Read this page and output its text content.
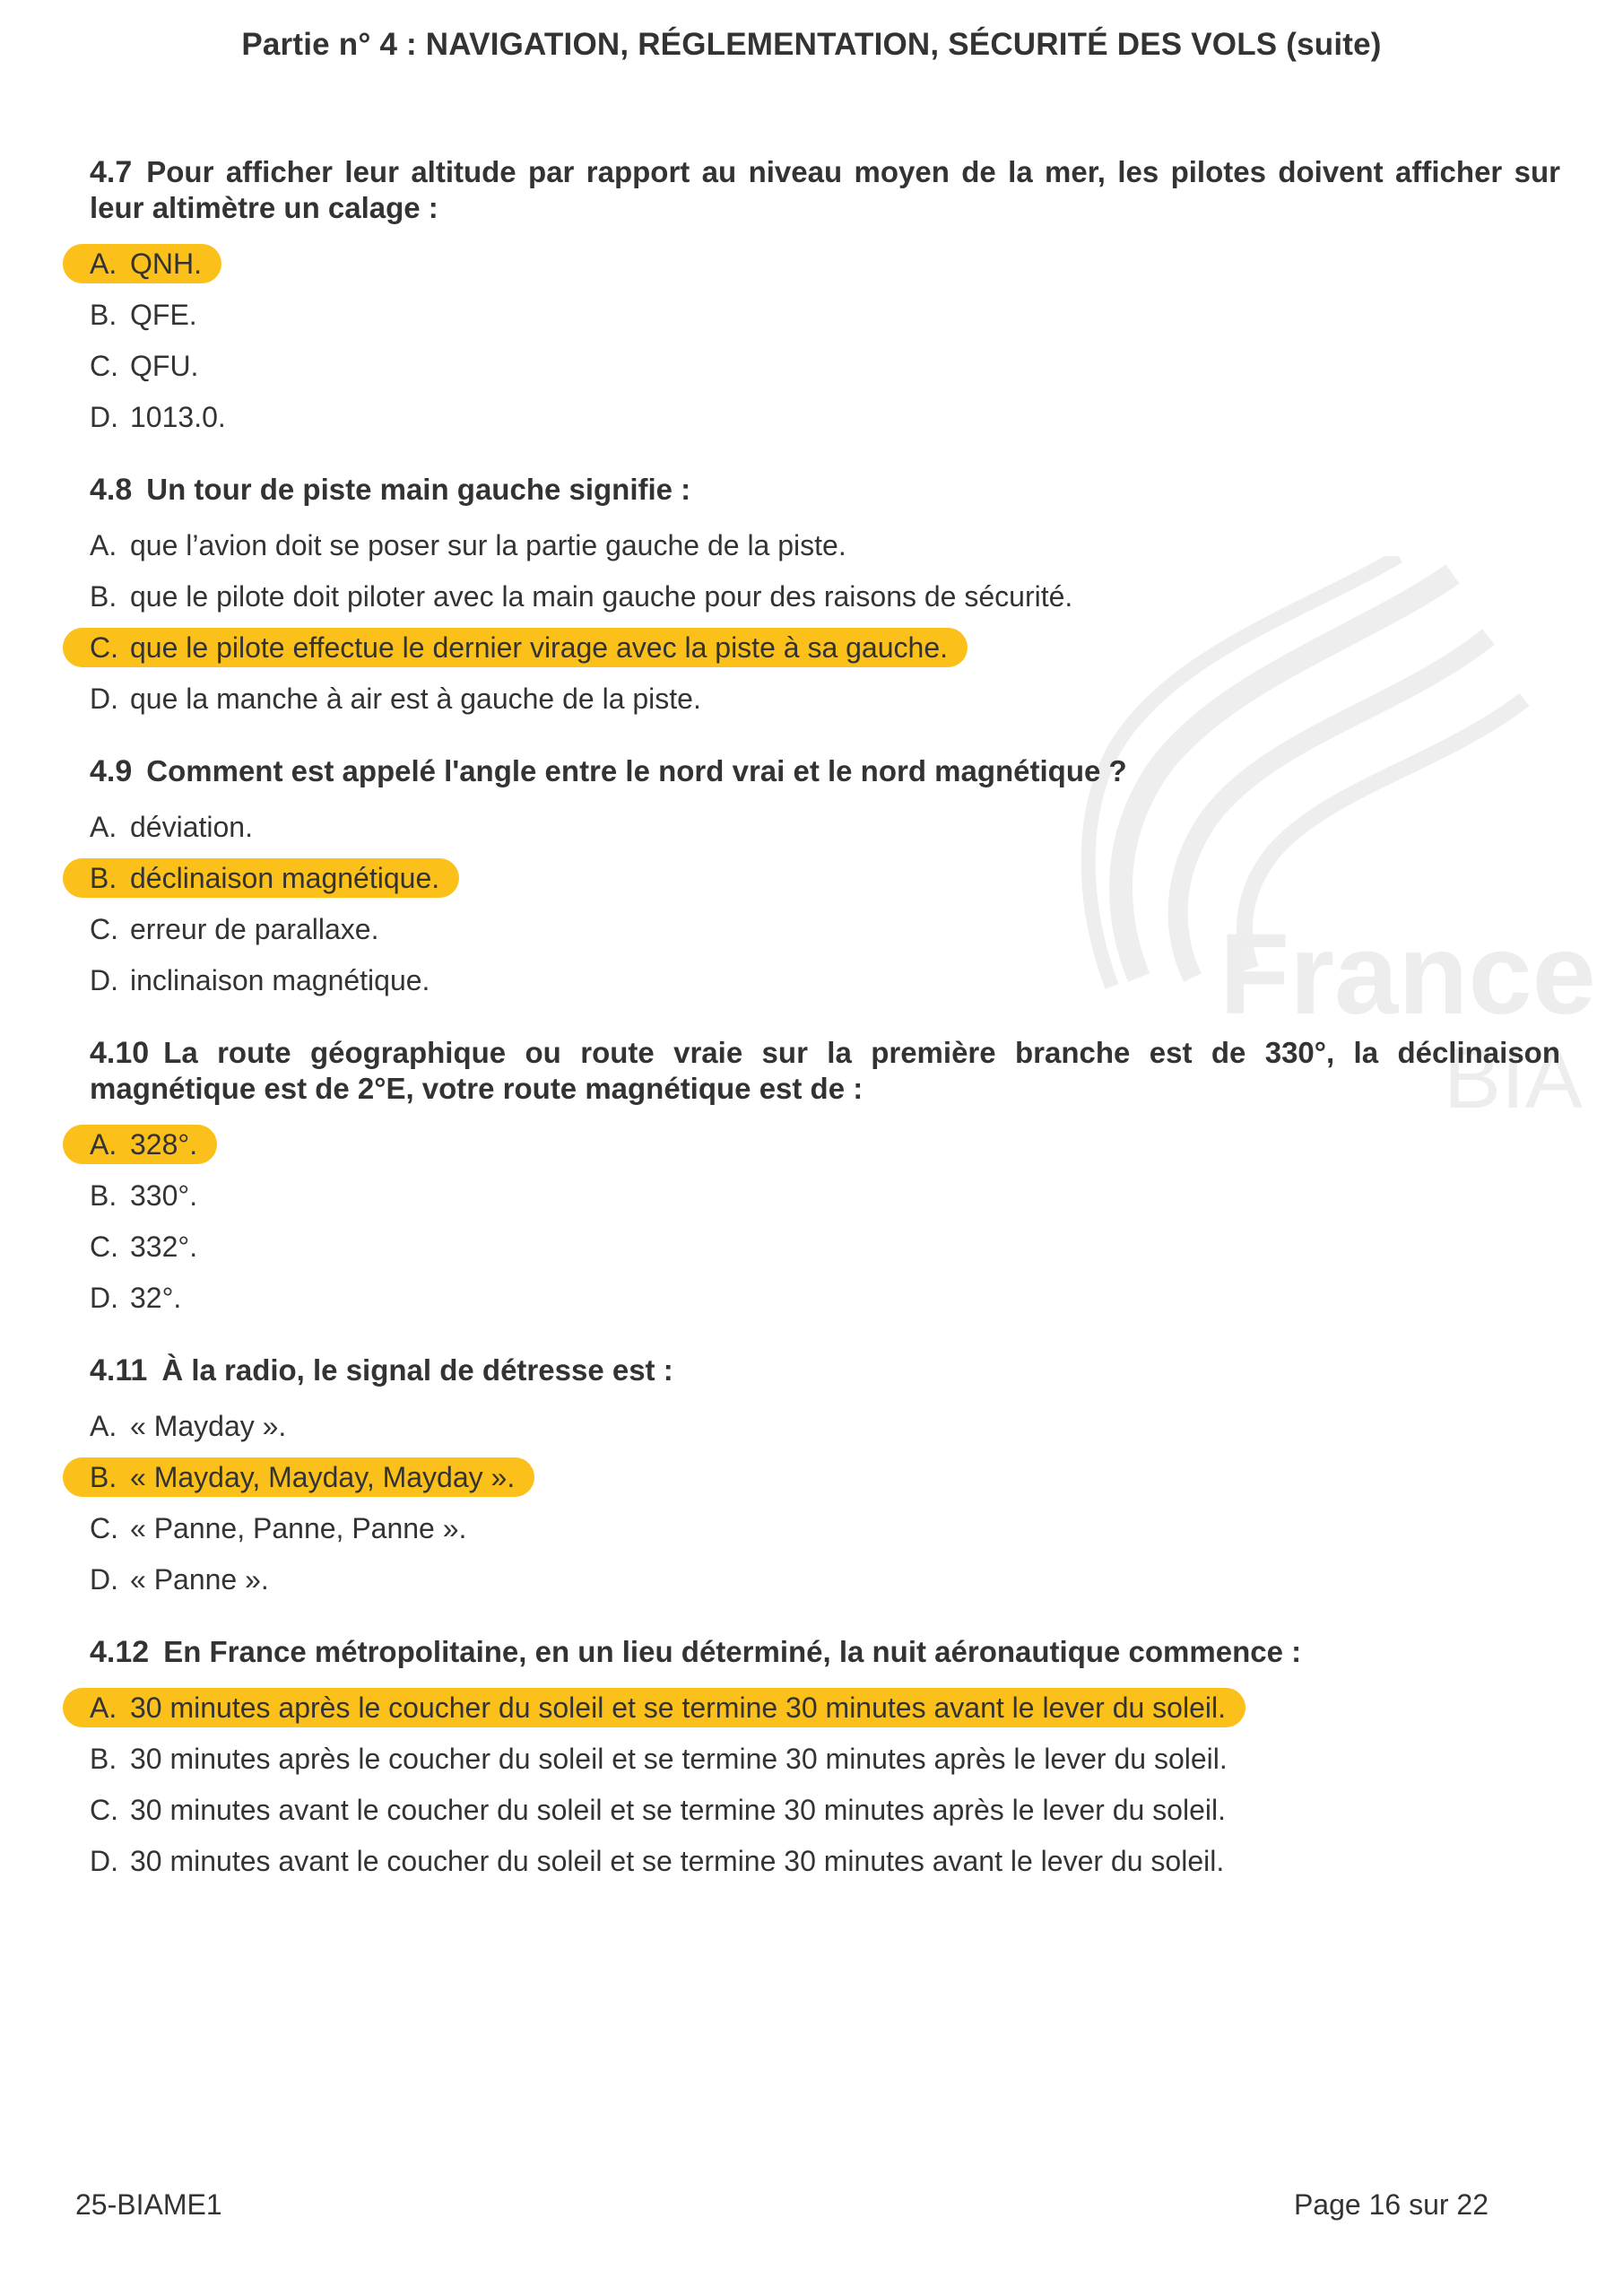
France
BIA
Partie n° 4 : NAVIGATION, RÉGLEMENTATION, SÉCURITÉ DES VOLS (suite)
4.7 Pour afficher leur altitude par rapport au niveau moyen de la mer, les pilotes doivent afficher sur leur altimètre un calage :
A. QNH.
B. QFE.
C. QFU.
D. 1013.0.
4.8 Un tour de piste main gauche signifie :
A. que l’avion doit se poser sur la partie gauche de la piste.
B. que le pilote doit piloter avec la main gauche pour des raisons de sécurité.
C. que le pilote effectue le dernier virage avec la piste à sa gauche.
D. que la manche à air est à gauche de la piste.
4.9 Comment est appelé l'angle entre le nord vrai et le nord magnétique ?
A. déviation.
B. déclinaison magnétique.
C. erreur de parallaxe.
D. inclinaison magnétique.
4.10 La route géographique ou route vraie sur la première branche est de 330°, la déclinaison magnétique est de 2°E, votre route magnétique est de :
A. 328°.
B. 330°.
C. 332°.
D. 32°.
4.11 À la radio, le signal de détresse est :
A. « Mayday ».
B. « Mayday, Mayday, Mayday ».
C. « Panne, Panne, Panne ».
D. « Panne ».
4.12 En France métropolitaine, en un lieu déterminé, la nuit aéronautique commence :
A. 30 minutes après le coucher du soleil et se termine 30 minutes avant le lever du soleil.
B. 30 minutes après le coucher du soleil et se termine 30 minutes après le lever du soleil.
C. 30 minutes avant le coucher du soleil et se termine 30 minutes après le lever du soleil.
D. 30 minutes avant le coucher du soleil et se termine 30 minutes avant le lever du soleil.
25-BIAME1	Page 16 sur 22
